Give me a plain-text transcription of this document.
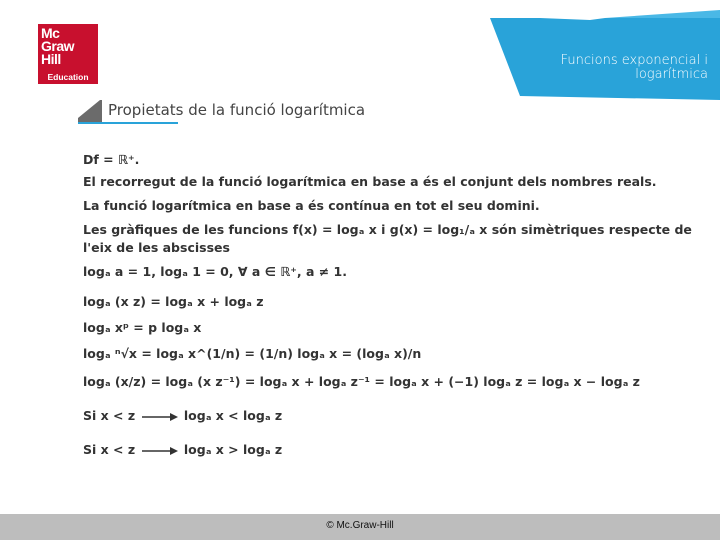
Mc
Graw
Hill
Education
Funcions exponencial i
logarítmica
Propietats de la funció logarítmica
Df = ℝ⁺.
El recorregut de la funció logarítmica en base a és el conjunt dels nombres reals.
La funció logarítmica en base a és contínua en tot el seu domini.
Les gràfiques de les funcions f(x) = logₐ x i g(x) = log₁/ₐ x són simètriques respecte de
l'eix de les abscisses
logₐ a = 1, logₐ 1 = 0, ∀ a ∈ ℝ⁺, a ≠ 1.
logₐ (x z) = logₐ x + logₐ z
logₐ xᵖ = p logₐ x
logₐ ⁿ√x = logₐ x^(1/n) = (1/n) logₐ x = (logₐ x)/n
logₐ (x/z) = logₐ (x z⁻¹) = logₐ x + logₐ z⁻¹ = logₐ x + (−1) logₐ z = logₐ x − logₐ z
Si x < z	logₐ x < logₐ z
Si x < z	logₐ x > logₐ z
© Mc.Graw-Hill
